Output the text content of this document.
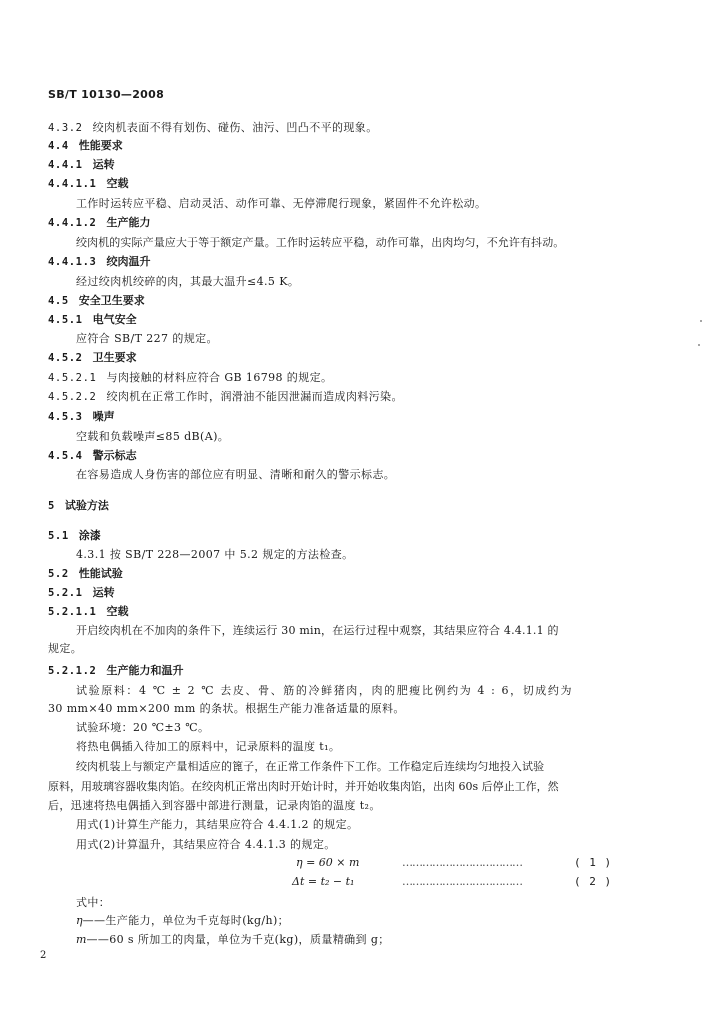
SB/T 10130—2008
4.3.2 绞肉机表面不得有划伤、碰伤、油污、凹凸不平的现象。
4.4 性能要求
4.4.1 运转
4.4.1.1 空载
工作时运转应平稳、启动灵活、动作可靠、无停滞爬行现象，紧固件不允许松动。
4.4.1.2 生产能力
绞肉机的实际产量应大于等于额定产量。工作时运转应平稳，动作可靠，出肉均匀，不允许有抖动。
4.4.1.3 绞肉温升
经过绞肉机绞碎的肉，其最大温升≤4.5 K。
4.5 安全卫生要求
4.5.1 电气安全
应符合 SB/T 227 的规定。
4.5.2 卫生要求
4.5.2.1 与肉接触的材料应符合 GB 16798 的规定。
4.5.2.2 绞肉机在正常工作时，润滑油不能因泄漏而造成肉料污染。
4.5.3 噪声
空载和负载噪声≤85 dB(A)。
4.5.4 警示标志
在容易造成人身伤害的部位应有明显、清晰和耐久的警示标志。
5 试验方法
5.1 涂漆
4.3.1 按 SB/T 228—2007 中 5.2 规定的方法检查。
5.2 性能试验
5.2.1 运转
5.2.1.1 空载
开启绞肉机在不加肉的条件下，连续运行 30 min，在运行过程中观察，其结果应符合 4.4.1.1 的
规定。
5.2.1.2 生产能力和温升
试验原料：4 ℃ ± 2 ℃ 去皮、骨、筋的冷鲜猪肉，肉的肥瘦比例约为 4 : 6，切成约为
30 mm×40 mm×200 mm 的条状。根据生产能力准备适量的原料。
试验环境：20 ℃±3 ℃。
将热电偶插入待加工的原料中，记录原料的温度 t₁。
绞肉机装上与额定产量相适应的篦子，在正常工作条件下工作。工作稳定后连续均匀地投入试验
原料，用玻璃容器收集肉馅。在绞肉机正常出肉时开始计时，并开始收集肉馅，出肉 60s 后停止工作，然
后，迅速将热电偶插入到容器中部进行测量，记录肉馅的温度 t₂。
用式(1)计算生产能力，其结果应符合 4.4.1.2 的规定。
用式(2)计算温升，其结果应符合 4.4.1.3 的规定。
η = 60 × m	………………………………	( 1 )
Δt = t₂ − t₁	………………………………	( 2 )
式中：
η——生产能力，单位为千克每时(kg/h)；
m——60 s 所加工的肉量，单位为千克(kg)，质量精确到 g；
2
